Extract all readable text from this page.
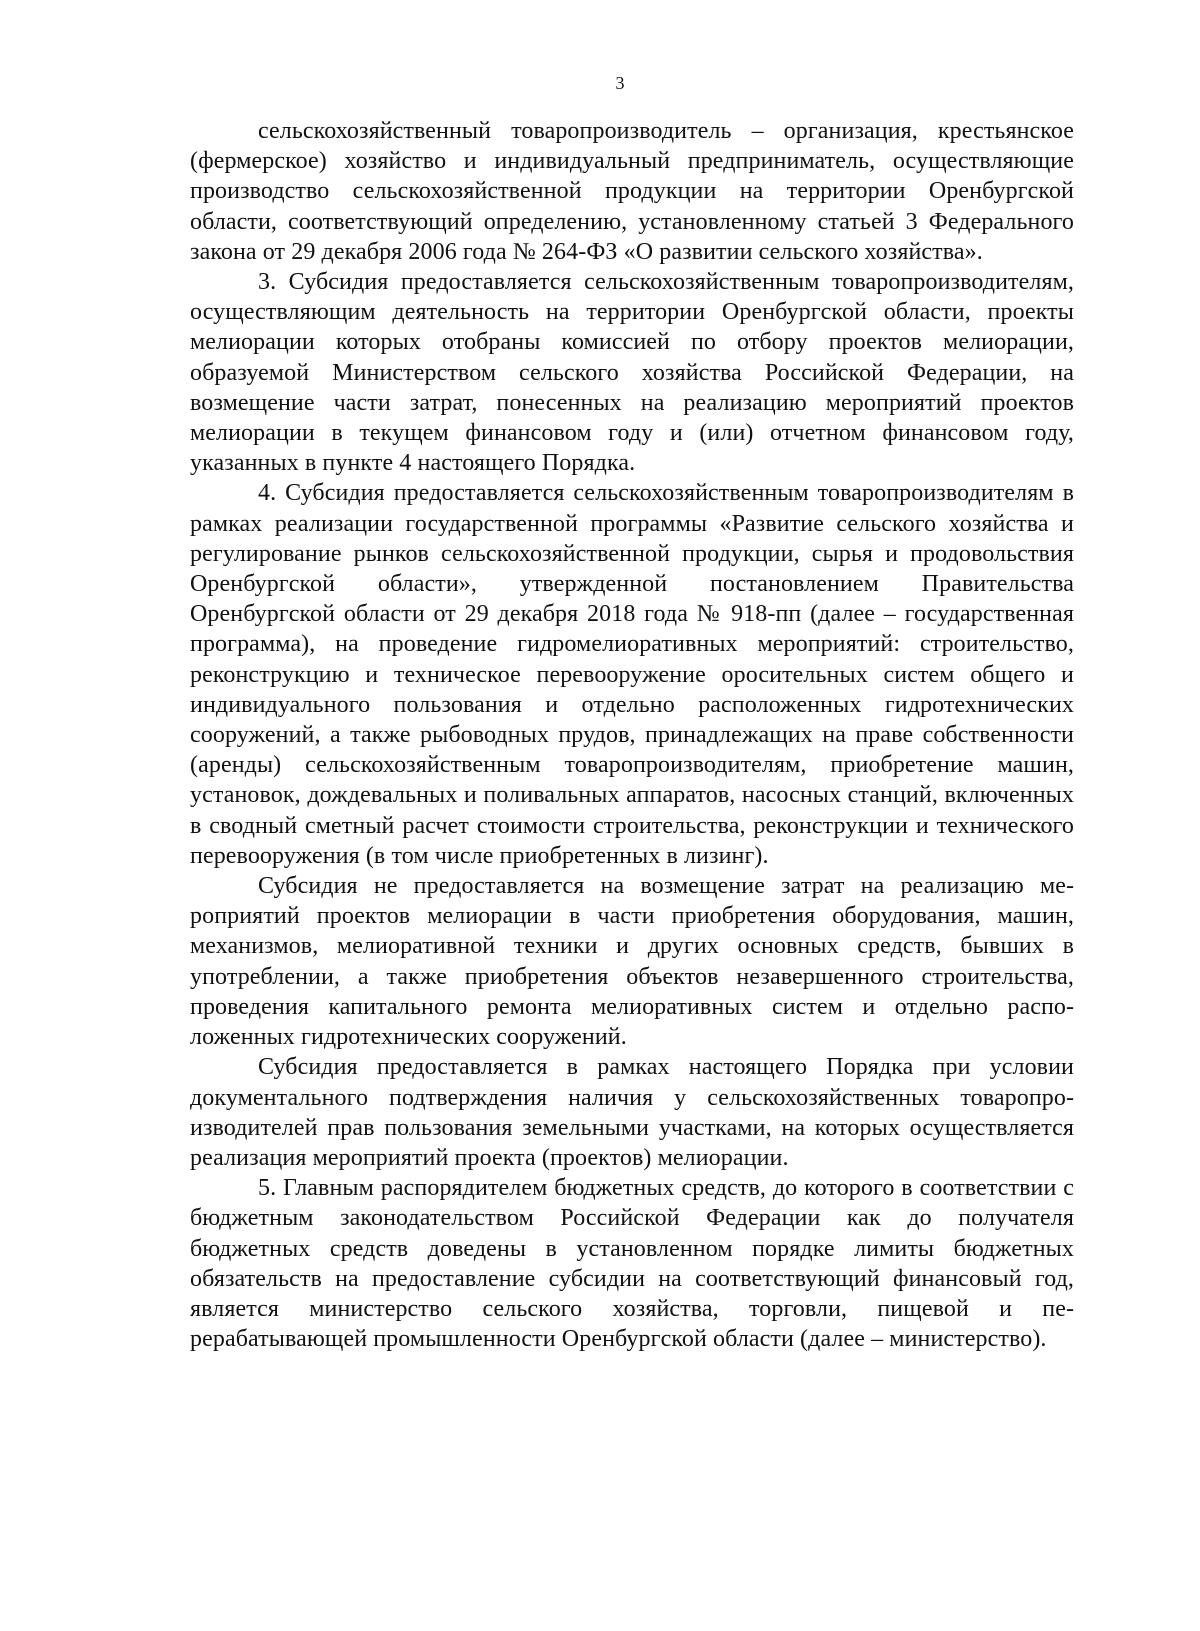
3

сельскохозяйственный товаропроизводитель – организация, крестьянское (фермерское) хозяйство и индивидуальный предприниматель, осуществляющие производство сельскохозяйственной продукции на территории Оренбургской области, соответствующий определению, установленному статьей 3 Федерального закона от 29 декабря 2006 года № 264-ФЗ «О развитии сельского хозяйства».

3. Субсидия предоставляется сельскохозяйственным товаропроизводителям, осуществляющим деятельность на территории Оренбургской области, проекты мелиорации которых отобраны комиссией по отбору проектов мелиорации, образуемой Министерством сельского хозяйства Российской Федерации, на возмещение части затрат, понесенных на реализацию мероприятий проектов мелиорации в текущем финансовом году и (или) отчетном финансовом году, указанных в пункте 4 настоящего Порядка.

4. Субсидия предоставляется сельскохозяйственным товаропроизводителям в рамках реализации государственной программы «Развитие сельского хозяйства и регулирование рынков сельскохозяйственной продукции, сырья и продовольствия Оренбургской области», утвержденной постановлением Правительства Оренбургской области от 29 декабря 2018 года № 918-пп (далее – государственная программа), на проведение гидромелиоративных мероприятий: строительство, реконструкцию и техническое перевооружение оросительных систем общего и индивидуального пользования и отдельно расположенных гидротехнических сооружений, а также рыбоводных прудов, принадлежащих на праве собственности (аренды) сельскохозяйственным товаропроизводителям, приобретение машин, установок, дождевальных и поливальных аппаратов, насосных станций, включенных в сводный сметный расчет стоимости строительства, реконструкции и технического перевооружения (в том числе приобретенных в лизинг).

Субсидия не предоставляется на возмещение затрат на реализацию мероприятий проектов мелиорации в части приобретения оборудования, машин, механизмов, мелиоративной техники и других основных средств, бывших в употреблении, а также приобретения объектов незавершенного строительства, проведения капитального ремонта мелиоративных систем и отдельно расположенных гидротехнических сооружений.

Субсидия предоставляется в рамках настоящего Порядка при условии документального подтверждения наличия у сельскохозяйственных товаропроизводителей прав пользования земельными участками, на которых осуществляется реализация мероприятий проекта (проектов) мелиорации.

5. Главным распорядителем бюджетных средств, до которого в соответствии с бюджетным законодательством Российской Федерации как до получателя бюджетных средств доведены в установленном порядке лимиты бюджетных обязательств на предоставление субсидии на соответствующий финансовый год, является министерство сельского хозяйства, торговли, пищевой и перерабатывающей промышленности Оренбургской области (далее – министерство).
